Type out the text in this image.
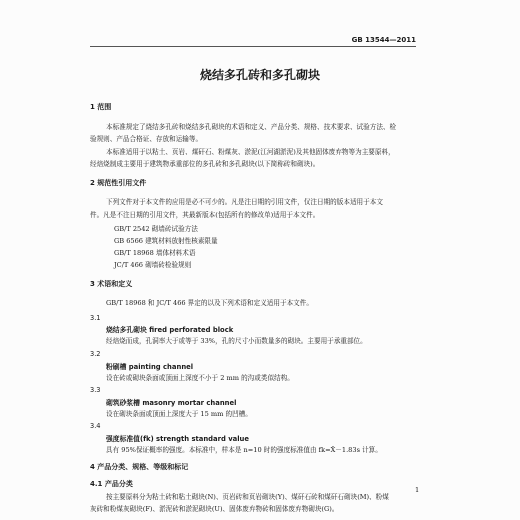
GB 13544—2011
烧结多孔砖和多孔砌块
1 范围
本标准规定了烧结多孔砖和烧结多孔砌块的术语和定义、产品分类、规格、技术要求、试验方法、检
验规则、产品合格证、存放和运输等。
本标准适用于以粘土、页岩、煤矸石、粉煤灰、淤泥(江河湖淤泥)及其他固体废弃物等为主要原料，
经焙烧制成主要用于建筑物承重部位的多孔砖和多孔砌块(以下简称砖和砌块)。
2 规范性引用文件
下列文件对于本文件的应用是必不可少的。凡是注日期的引用文件，仅注日期的版本适用于本文
件。凡是不注日期的引用文件，其最新版本(包括所有的修改单)适用于本文件。
GB/T 2542 砌墙砖试验方法
GB 6566 建筑材料放射性核素限量
GB/T 18968 墙体材料术语
JC/T 466 砌墙砖检验规则
3 术语和定义
GB/T 18968 和 JC/T 466 界定的以及下列术语和定义适用于本文件。
3.1
烧结多孔砌块 fired perforated block
经焙烧而成，孔洞率大于或等于 33%，孔的尺寸小而数量多的砌块。主要用于承重部位。
3.2
粉刷槽 painting channel
设在砖或砌块条面或顶面上深度不小于 2 mm 的沟或类似结构。
3.3
砌筑砂浆槽 masonry mortar channel
设在砌块条面或顶面上深度大于 15 mm 的凹槽。
3.4
强度标准值(fk) strength standard value
具有 95%保证概率的强度。本标准中，样本是 n=10 时的强度标准值由 fk=X̄－1.83s 计算。
4 产品分类、规格、等级和标记
4.1 产品分类
按主要原料分为粘土砖和粘土砌块(N)、页岩砖和页岩砌块(Y)、煤矸石砖和煤矸石砌块(M)、粉煤
灰砖和粉煤灰砌块(F)、淤泥砖和淤泥砌块(U)、固体废弃物砖和固体废弃物砌块(G)。
1
